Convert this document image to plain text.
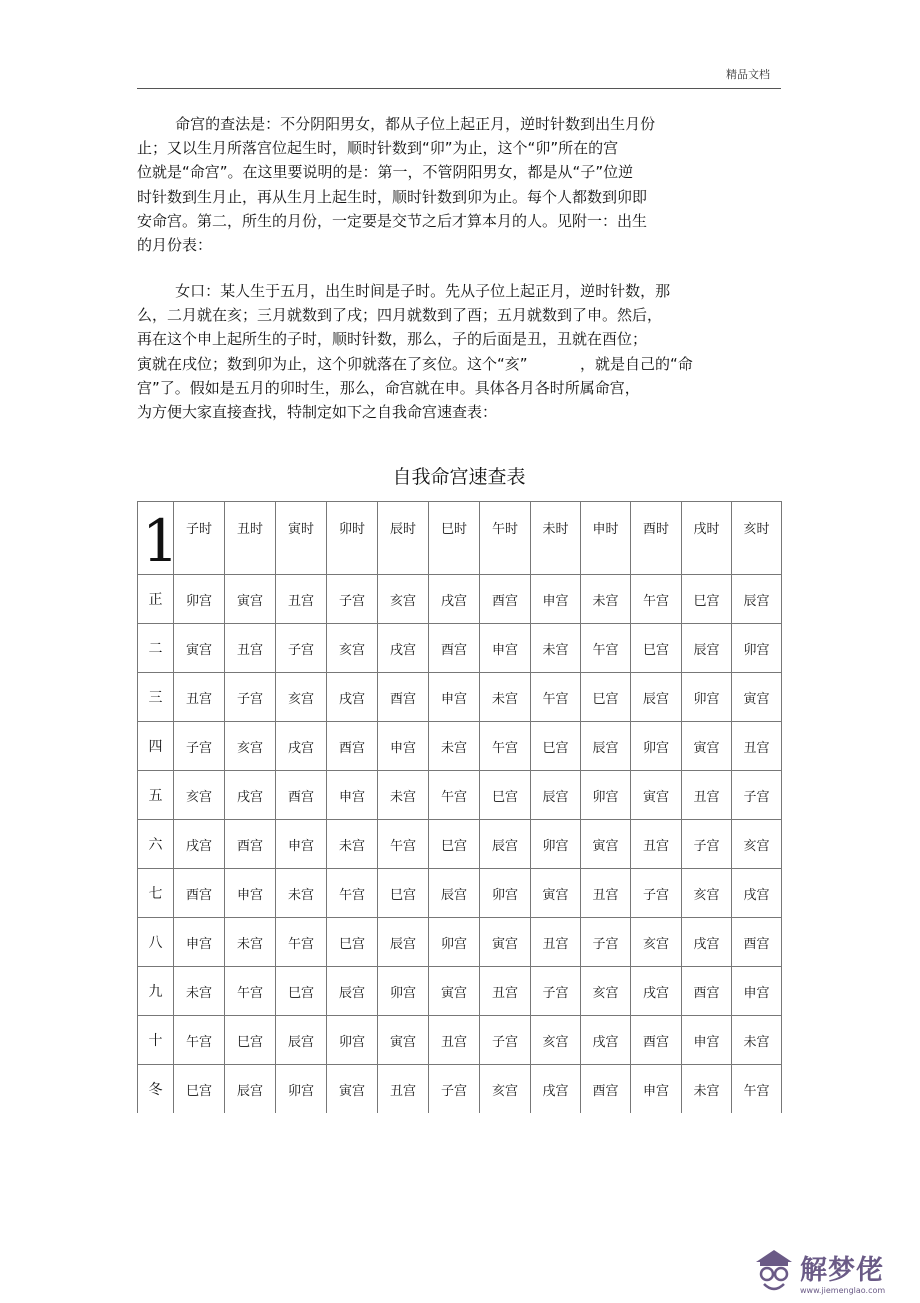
精品文档
命宫的查法是：不分阴阳男女，都从子位上起正月，逆时针数到出生月份
止；又以生月所落宫位起生时，顺时针数到“卯”为止，这个“卯”所在的宫
位就是“命宫”。在这里要说明的是：第一，不管阴阳男女，都是从“子”位逆
时针数到生月止，再从生月上起生时，顺时针数到卯为止。每个人都数到卯即
安命宫。第二，所生的月份，一定要是交节之后才算本月的人。见附一：出生
的月份表：
女口：某人生于五月，出生时间是子时。先从子位上起正月，逆时针数，那
么，二月就在亥；三月就数到了戌；四月就数到了酉；五月就数到了申。然后，
再在这个申上起所生的子时，顺时针数，那么，子的后面是丑，丑就在酉位；
寅就在戌位；数到卯为止，这个卯就落在了亥位。这个“亥”           ，就是自己的“命
宫”了。假如是五月的卯时生，那么，命宫就在申。具体各月各时所属命宫，
为方便大家直接查找，特制定如下之自我命宫速查表：
自我命宫速查表
1	子时	丑时	寅时	卯时	辰时	巳时	午时	未时	申时	酉时	戌时	亥时
正	卯宫	寅宫	丑宫	子宫	亥宫	戌宫	酉宫	申宫	未宫	午宫	巳宫	辰宫
二	寅宫	丑宫	子宫	亥宫	戌宫	酉宫	申宫	未宫	午宫	巳宫	辰宫	卯宫
三	丑宫	子宫	亥宫	戌宫	酉宫	申宫	未宫	午宫	巳宫	辰宫	卯宫	寅宫
四	子宫	亥宫	戌宫	酉宫	申宫	未宫	午宫	巳宫	辰宫	卯宫	寅宫	丑宫
五	亥宫	戌宫	酉宫	申宫	未宫	午宫	巳宫	辰宫	卯宫	寅宫	丑宫	子宫
六	戌宫	酉宫	申宫	未宫	午宫	巳宫	辰宫	卯宫	寅宫	丑宫	子宫	亥宫
七	酉宫	申宫	未宫	午宫	巳宫	辰宫	卯宫	寅宫	丑宫	子宫	亥宫	戌宫
八	申宫	未宫	午宫	巳宫	辰宫	卯宫	寅宫	丑宫	子宫	亥宫	戌宫	酉宫
九	未宫	午宫	巳宫	辰宫	卯宫	寅宫	丑宫	子宫	亥宫	戌宫	酉宫	申宫
十	午宫	巳宫	辰宫	卯宫	寅宫	丑宫	子宫	亥宫	戌宫	酉宫	申宫	未宫
冬	巳宫	辰宫	卯宫	寅宫	丑宫	子宫	亥宫	戌宫	酉宫	申宫	未宫	午宫
解梦佬
www.jiemenglao.com
